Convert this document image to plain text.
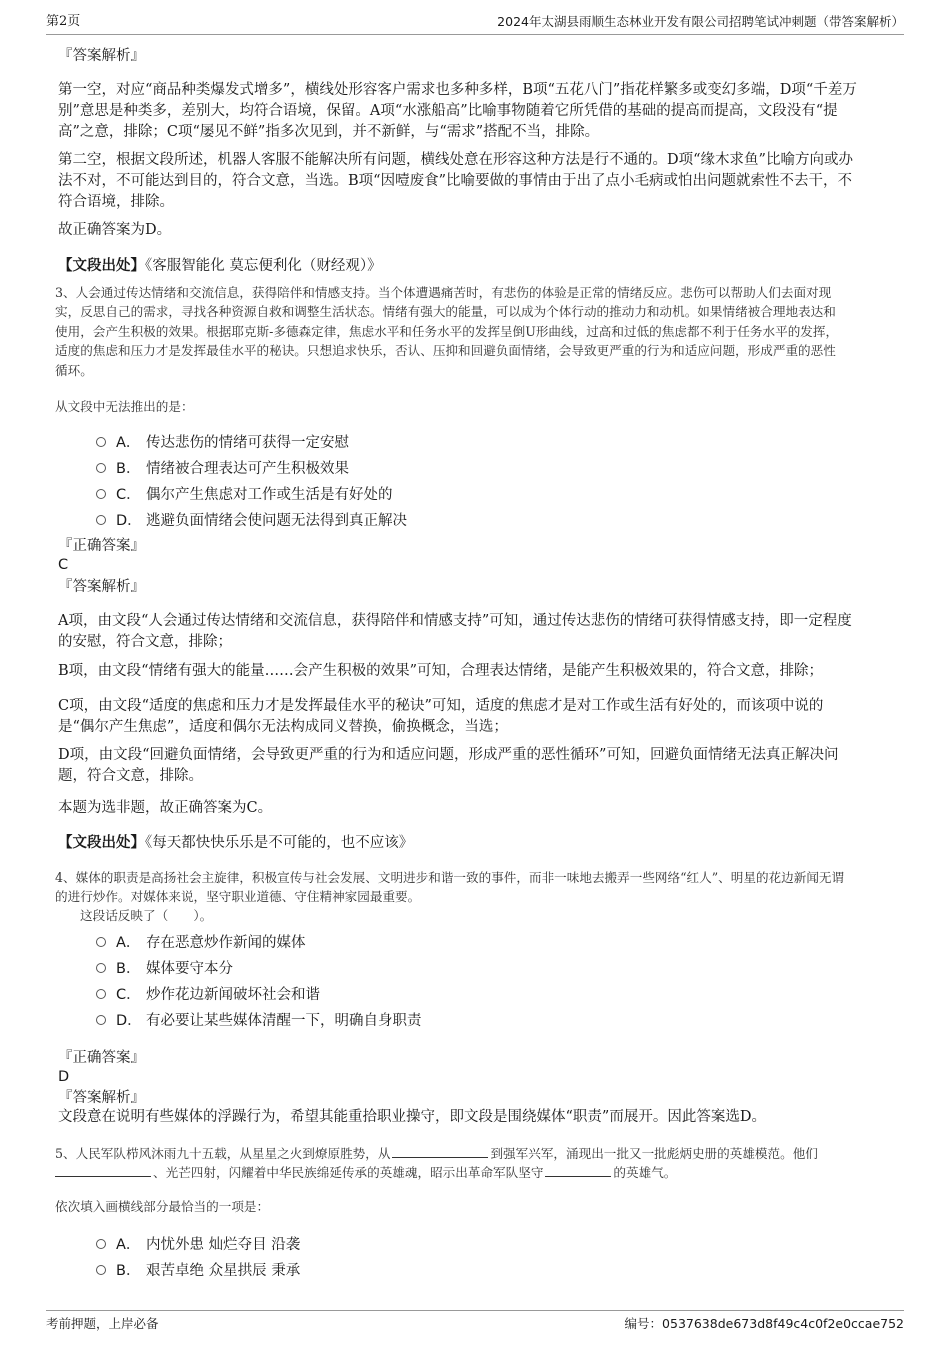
第2页	2024年太湖县雨顺生态林业开发有限公司招聘笔试冲刺题（带答案解析）
『答案解析』
第一空，对应“商品种类爆发式增多”，横线处形容客户需求也多种多样，B项“五花八门”指花样繁多或变幻多端，D项“千差万
别”意思是种类多，差别大，均符合语境，保留。A项“水涨船高”比喻事物随着它所凭借的基础的提高而提高，文段没有“提
高”之意，排除；C项“屡见不鲜”指多次见到，并不新鲜，与“需求”搭配不当，排除。
第二空，根据文段所述，机器人客服不能解决所有问题，横线处意在形容这种方法是行不通的。D项“缘木求鱼”比喻方向或办
法不对，不可能达到目的，符合文意，当选。B项“因噎废食”比喻要做的事情由于出了点小毛病或怕出问题就索性不去干，不
符合语境，排除。
故正确答案为D。
【文段出处】《客服智能化 莫忘便利化（财经观）》
3、人会通过传达情绪和交流信息，获得陪伴和情感支持。当个体遭遇痛苦时，有悲伤的体验是正常的情绪反应。悲伤可以帮助人们去面对现
实，反思自己的需求，寻找各种资源自救和调整生活状态。情绪有强大的能量，可以成为个体行动的推动力和动机。如果情绪被合理地表达和
使用，会产生积极的效果。根据耶克斯-多德森定律，焦虑水平和任务水平的发挥呈倒U形曲线，过高和过低的焦虑都不利于任务水平的发挥，
适度的焦虑和压力才是发挥最佳水平的秘诀。只想追求快乐，否认、压抑和回避负面情绪，会导致更严重的行为和适应问题，形成严重的恶性
循环。
从文段中无法推出的是：
A． 传达悲伤的情绪可获得一定安慰
B． 情绪被合理表达可产生积极效果
C． 偶尔产生焦虑对工作或生活是有好处的
D． 逃避负面情绪会使问题无法得到真正解决
『正确答案』
C
『答案解析』
A项，由文段“人会通过传达情绪和交流信息，获得陪伴和情感支持”可知，通过传达悲伤的情绪可获得情感支持，即一定程度
的安慰，符合文意，排除；
B项，由文段“情绪有强大的能量……会产生积极的效果”可知，合理表达情绪，是能产生积极效果的，符合文意，排除；
C项，由文段“适度的焦虑和压力才是发挥最佳水平的秘诀”可知，适度的焦虑才是对工作或生活有好处的，而该项中说的
是“偶尔产生焦虑”，适度和偶尔无法构成同义替换，偷换概念，当选；
D项，由文段“回避负面情绪，会导致更严重的行为和适应问题，形成严重的恶性循环”可知，回避负面情绪无法真正解决问
题，符合文意，排除。
本题为选非题，故正确答案为C。
【文段出处】《每天都快快乐乐是不可能的，也不应该》
4、媒体的职责是高扬社会主旋律，积极宣传与社会发展、文明进步和谐一致的事件，而非一味地去搬弄一些网络“红人”、明星的花边新闻无谓
的进行炒作。对媒体来说，坚守职业道德、守住精神家园最重要。
这段话反映了（　　）。
A． 存在恶意炒作新闻的媒体
B． 媒体要守本分
C． 炒作花边新闻破坏社会和谐
D． 有必要让某些媒体清醒一下，明确自身职责
『正确答案』
D
『答案解析』
文段意在说明有些媒体的浮躁行为，希望其能重拾职业操守，即文段是围绕媒体“职责”而展开。因此答案选D。
5、人民军队栉风沐雨九十五载，从星星之火到燎原胜势，从	到强军兴军，涌现出一批又一批彪炳史册的英雄模范。他们
、光芒四射，闪耀着中华民族绵延传承的英雄魂，昭示出革命军队坚守	的英雄气。
依次填入画横线部分最恰当的一项是：
A． 内忧外患 灿烂夺目 沿袭
B． 艰苦卓绝 众星拱辰 秉承
考前押题，上岸必备	编号：0537638de673d8f49c4c0f2e0ccae752
